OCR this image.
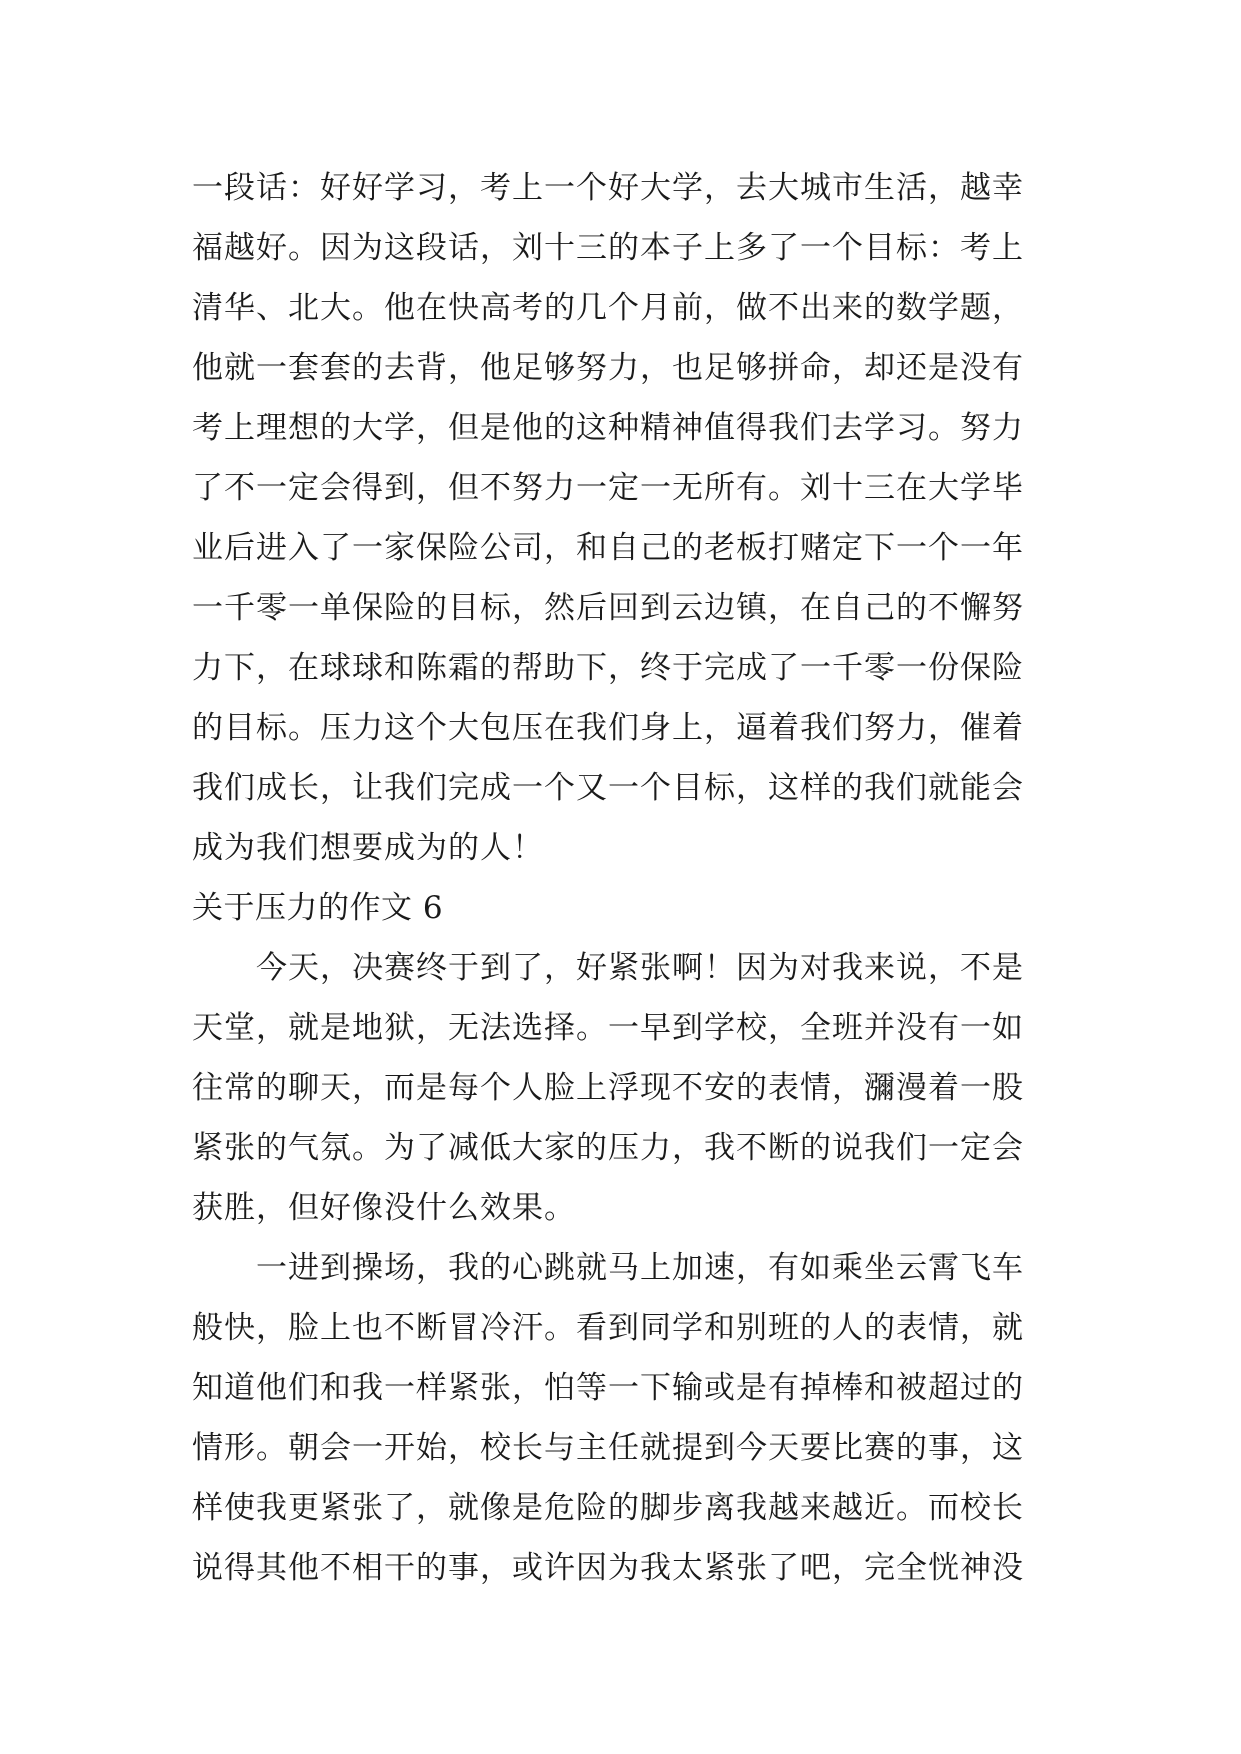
一段话：好好学习，考上一个好大学，去大城市生活，越幸
福越好。因为这段话，刘十三的本子上多了一个目标：考上
清华、北大。他在快高考的几个月前，做不出来的数学题，
他就一套套的去背，他足够努力，也足够拼命，却还是没有
考上理想的大学，但是他的这种精神值得我们去学习。努力
了不一定会得到，但不努力一定一无所有。刘十三在大学毕
业后进入了一家保险公司，和自己的老板打赌定下一个一年
一千零一单保险的目标，然后回到云边镇，在自己的不懈努
力下，在球球和陈霜的帮助下，终于完成了一千零一份保险
的目标。压力这个大包压在我们身上，逼着我们努力，催着
我们成长，让我们完成一个又一个目标，这样的我们就能会
成为我们想要成为的人！
关于压力的作文 6
　　今天，决赛终于到了，好紧张啊！因为对我来说，不是
天堂，就是地狱，无法选择。一早到学校，全班并没有一如
往常的聊天，而是每个人脸上浮现不安的表情，瀰漫着一股
紧张的气氛。为了减低大家的压力，我不断的说我们一定会
获胜，但好像没什么效果。
　　一进到操场，我的心跳就马上加速，有如乘坐云霄飞车
般快，脸上也不断冒冷汗。看到同学和别班的人的表情，就
知道他们和我一样紧张，怕等一下输或是有掉棒和被超过的
情形。朝会一开始，校长与主任就提到今天要比赛的事，这
样使我更紧张了，就像是危险的脚步离我越来越近。而校长
说得其他不相干的事，或许因为我太紧张了吧，完全恍神没
